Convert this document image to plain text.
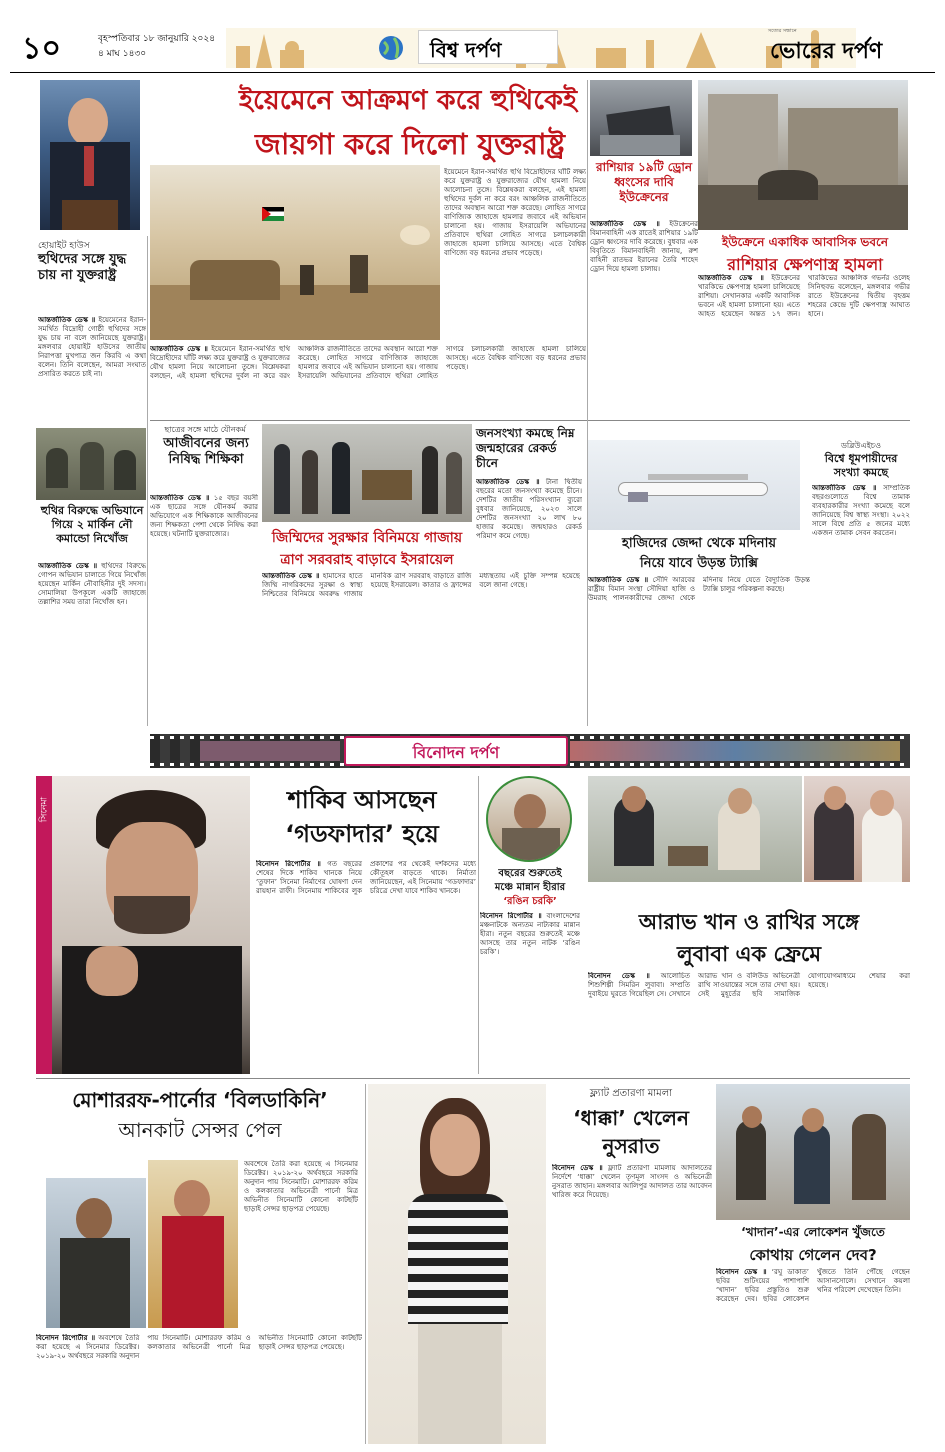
১০	বৃহস্পতিবার ১৮ জানুয়ারি ২০২৪
৪ মাঘ ১৪৩০	বিশ্ব দর্পণ
সত্যের সন্ধানে
ভোরের দর্পণ
ইয়েমেনে আক্রমণ করে হুথিকেই
জায়গা করে দিলো যুক্তরাষ্ট্র

ইয়েমেনে ইরান-সমর্থিত হুথি বিদ্রোহীদের ঘাঁটি লক্ষ্য করে যুক্তরাষ্ট্র ও যুক্তরাজ্যের যৌথ হামলা নিয়ে আলোচনা তুঙ্গে। বিশ্লেষকরা বলছেন, এই হামলা হুথিদের দুর্বল না করে বরং আঞ্চলিক রাজনীতিতে তাদের অবস্থান আরো শক্ত করেছে। লোহিত সাগরে বাণিজ্যিক জাহাজে হামলার জবাবে এই অভিযান চালানো হয়। গাজায় ইসরায়েলি অভিযানের প্রতিবাদে হুথিরা লোহিত সাগরে চলাচলকারী জাহাজে হামলা চালিয়ে আসছে। এতে বৈশ্বিক বাণিজ্যে বড় ধরনের প্রভাব পড়েছে।

আন্তর্জাতিক ডেস্ক ॥ ইয়েমেনে ইরান-সমর্থিত হুথি বিদ্রোহীদের ঘাঁটি লক্ষ্য করে যুক্তরাষ্ট্র ও যুক্তরাজ্যের যৌথ হামলা নিয়ে আলোচনা তুঙ্গে। বিশ্লেষকরা বলছেন, এই হামলা হুথিদের দুর্বল না করে বরং আঞ্চলিক রাজনীতিতে তাদের অবস্থান আরো শক্ত করেছে। লোহিত সাগরে বাণিজ্যিক জাহাজে হামলার জবাবে এই অভিযান চালানো হয়। গাজায় ইসরায়েলি অভিযানের প্রতিবাদে হুথিরা লোহিত সাগরে চলাচলকারী জাহাজে হামলা চালিয়ে আসছে। এতে বৈশ্বিক বাণিজ্যে বড় ধরনের প্রভাব পড়েছে।
হোয়াইট হাউস
হুথিদের সঙ্গে যুদ্ধ চায় না যুক্তরাষ্ট্র
আন্তর্জাতিক ডেস্ক ॥ ইয়েমেনের ইরান-সমর্থিত বিদ্রোহী গোষ্ঠী হুথিদের সঙ্গে যুদ্ধ চায় না বলে জানিয়েছে যুক্তরাষ্ট্র। মঙ্গলবার হোয়াইট হাউসের জাতীয় নিরাপত্তা মুখপাত্র জন কিরবি এ কথা বলেন। তিনি বলেছেন, আমরা সংঘাত প্রসারিত করতে চাই না।
রাশিয়ার ১৯টি ড্রোন ধ্বংসের দাবি ইউক্রেনের
আন্তর্জাতিক ডেস্ক ॥ ইউক্রেনের বিমানবাহিনী এক রাতেই রাশিয়ার ১৯টি ড্রোন ধ্বংসের দাবি করেছে। বুধবার এক বিবৃতিতে বিমানবাহিনী জানায়, রুশ বাহিনী রাতভর ইরানের তৈরি শাহেদ ড্রোন দিয়ে হামলা চালায়।
ইউক্রেনে একাধিক আবাসিক ভবনে
রাশিয়ার ক্ষেপণাস্ত্র হামলা
আন্তর্জাতিক ডেস্ক ॥ ইউক্রেনের খারকিভে ক্ষেপণাস্ত্র হামলা চালিয়েছে রাশিয়া। সেখানকার একটি আবাসিক ভবনে এই হামলা চালানো হয়। এতে আহত হয়েছেন অন্তত ১৭ জন। খারকিভের আঞ্চলিক গভর্নর ওলেহ সিনিহুবভ বলেছেন, মঙ্গলবার গভীর রাতে ইউক্রেনের দ্বিতীয় বৃহত্তম শহরের কেন্দ্রে দুটি ক্ষেপণাস্ত্র আঘাত হানে।
ছাত্রের সঙ্গে মাঠে যৌনকর্ম
আজীবনের জন্য নিষিদ্ধ শিক্ষিকা
আন্তর্জাতিক ডেস্ক ॥ ১৫ বছর বয়সী এক ছাত্রের সঙ্গে যৌনকর্ম করার অভিযোগে এক শিক্ষিকাকে আজীবনের জন্য শিক্ষকতা পেশা থেকে নিষিদ্ধ করা হয়েছে। ঘটনাটি যুক্তরাজ্যের।
হুথির বিরুদ্ধে অভিযানে গিয়ে ২ মার্কিন নৌ কমান্ডো নিখোঁজ
আন্তর্জাতিক ডেস্ক ॥ হুথিদের বিরুদ্ধে গোপন অভিযান চালাতে গিয়ে নিখোঁজ হয়েছেন মার্কিন নৌবাহিনীর দুই সদস্য। সোমালিয়া উপকূলে একটি জাহাজে তল্লাশির সময় তারা নিখোঁজ হন।
জিম্মিদের সুরক্ষার বিনিময়ে গাজায়
ত্রাণ সরবরাহ বাড়াবে ইসরায়েল
আন্তর্জাতিক ডেস্ক ॥ হামাসের হাতে জিম্মি নাগরিকদের সুরক্ষা ও স্বাস্থ্য নিশ্চিতের বিনিময়ে অবরুদ্ধ গাজায় মানবিক ত্রাণ সরবরাহ বাড়াতে রাজি হয়েছে ইসরায়েল। কাতার ও ফ্রান্সের মধ্যস্থতায় এই চুক্তি সম্পন্ন হয়েছে বলে জানা গেছে।
জনসংখ্যা কমছে নিম্ন জন্মহারের রেকর্ড চীনে
আন্তর্জাতিক ডেস্ক ॥ টানা দ্বিতীয় বছরের মতো জনসংখ্যা কমেছে চীনে। দেশটির জাতীয় পরিসংখ্যান ব্যুরো বুধবার জানিয়েছে, ২০২৩ সালে দেশটির জনসংখ্যা ২০ লাখ ৮০ হাজার কমেছে। জন্মহারও রেকর্ড পরিমাণ কমে গেছে।	হাজিদের জেদ্দা থেকে মদিনায়
নিয়ে যাবে উড়ন্ত ট্যাক্সি
আন্তর্জাতিক ডেস্ক ॥ সৌদি আরবের রাষ্ট্রীয় বিমান সংস্থা সৌদিয়া হাজি ও উমরাহ পালনকারীদের জেদ্দা থেকে মদিনায় নিয়ে যেতে বৈদ্যুতিক উড়ন্ত ট্যাক্সি চালুর পরিকল্পনা করছে।
ডব্লিউএইচও
বিশ্বে ধূমপায়ীদের সংখ্যা কমছে
আন্তর্জাতিক ডেস্ক ॥ সাম্প্রতিক বছরগুলোতে বিশ্বে তামাক ব্যবহারকারীর সংখ্যা কমেছে বলে জানিয়েছে বিশ্ব স্বাস্থ্য সংস্থা। ২০২২ সালে বিশ্বে প্রতি ৫ জনের মধ্যে একজন তামাক সেবন করতেন।
বিনোদন দর্পণ
সিনেমা	শাকিব আসছেন
‘গডফাদার’ হয়ে
বিনোদন রিপোর্টার ॥ গত বছরের শেষের দিকে শাকিব খানকে নিয়ে ‘তুফান’ সিনেমা নির্মাণের ঘোষণা দেন রায়হান রাফী। সিনেমায় শাকিবের লুক প্রকাশের পর থেকেই দর্শকদের মধ্যে কৌতূহল বাড়তে থাকে। নির্মাতা জানিয়েছেন, এই সিনেমায় ‘গডফাদার’ চরিত্রে দেখা যাবে শাকিব খানকে।
বছরের শুরুতেই
মঞ্চে মান্নান হীরার
‘রঙিন চরকি’
বিনোদন রিপোর্টার ॥ বাংলাদেশের মঞ্চনাটকে অন্যতম নাট্যকার মান্নান হীরা। নতুন বছরের শুরুতেই মঞ্চে আসছে তার নতুন নাটক ‘রঙিন চরকি’।
আরাভ খান ও রাখির সঙ্গে
লুবাবা এক ফ্রেমে
বিনোদন ডেস্ক ॥ আলোচিত শিশুশিল্পী সিমরিন লুবাবা। সম্প্রতি দুবাইয়ে ঘুরতে গিয়েছিল সে। সেখানে আরাভ খান ও বলিউড অভিনেত্রী রাখি সাওয়ান্তের সঙ্গে তার দেখা হয়। সেই মুহূর্তের ছবি সামাজিক যোগাযোগমাধ্যমে শেয়ার করা হয়েছে।
মোশাররফ-পার্নোর ‘বিলডাকিনি’
আনকাট সেন্সর পেল
অবশেষে তৈরি করা হয়েছে এ সিনেমার ডিরেক্টর। ২০১৯-২০ অর্থবছরে সরকারি অনুদান পায় সিনেমাটি। মোশাররফ করিম ও কলকাতার অভিনেত্রী পার্নো মিত্র অভিনীত সিনেমাটি কোনো কাটছাঁট ছাড়াই সেন্সর ছাড়পত্র পেয়েছে।
বিনোদন রিপোর্টার ॥ অবশেষে তৈরি করা হয়েছে এ সিনেমার ডিরেক্টর। ২০১৯-২০ অর্থবছরে সরকারি অনুদান পায় সিনেমাটি। মোশাররফ করিম ও কলকাতার অভিনেত্রী পার্নো মিত্র অভিনীত সিনেমাটি কোনো কাটছাঁট ছাড়াই সেন্সর ছাড়পত্র পেয়েছে।
ফ্ল্যাট প্রতারণা মামলা
‘ধাক্কা’ খেলেন
নুসরাত
বিনোদন ডেস্ক ॥ ফ্ল্যাট প্রতারণা মামলায় আদালতের নির্দেশে ‘ধাক্কা’ খেলেন তৃণমূল সাংসদ ও অভিনেত্রী নুসরাত জাহান। মঙ্গলবার আলিপুর আদালত তার আবেদন খারিজ করে দিয়েছে।
‘খাদান’-এর লোকেশন খুঁজতে
কোথায় গেলেন দেব?
বিনোদন ডেস্ক ॥ ‘রঘু ডাকাত’ ছবির শুটিংয়ের পাশাপাশি ‘খাদান’ ছবির প্রস্তুতিও শুরু করেছেন দেব। ছবির লোকেশন খুঁজতে তিনি পৌঁছে গেছেন আসানসোলে। সেখানে কয়লা খনির পরিবেশ দেখেছেন তিনি।
